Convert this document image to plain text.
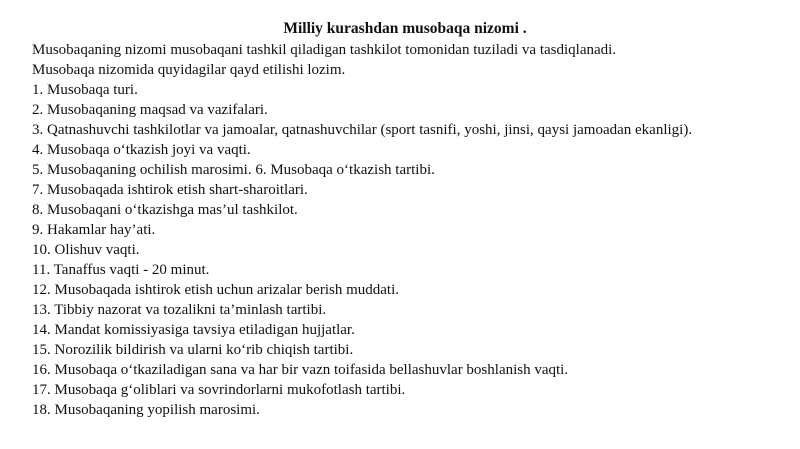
Milliy kurashdan musobaqa nizomi .

Musobaqaning nizomi musobaqani tashkil qiladigan tashkilot tomonidan tuziladi va tasdiqlanadi.

Musobaqa nizomida quyidagilar qayd etilishi lozim.

1. Musobaqa turi.

2. Musobaqaning maqsad va vazifalari.

3. Qatnashuvchi tashkilotlar va jamoalar, qatnashuvchilar (sport tasnifi, yoshi, jinsi, qaysi jamoadan ekanligi).

4. Musobaqa o‘tkazish joyi va vaqti.

5. Musobaqaning ochilish marosimi. 6. Musobaqa o‘tkazish tartibi.

7. Musobaqada ishtirok etish shart-sharoitlari.

8. Musobaqani o‘tkazishga mas’ul tashkilot.

9. Hakamlar hay’ati.

10. Olishuv vaqti.

11. Tanaffus vaqti - 20 minut.

12. Musobaqada ishtirok etish uchun arizalar berish muddati.

13. Tibbiy nazorat va tozalikni ta’minlash tartibi.

14. Mandat komissiyasiga tavsiya etiladigan hujjatlar.

15. Norozilik bildirish va ularni ko‘rib chiqish tartibi.

16. Musobaqa o‘tkaziladigan sana va har bir vazn toifasida bellashuvlar boshlanish vaqti.

17. Musobaqa g‘oliblari va sovrindorlarni mukofotlash tartibi.

18. Musobaqaning yopilish marosimi.
